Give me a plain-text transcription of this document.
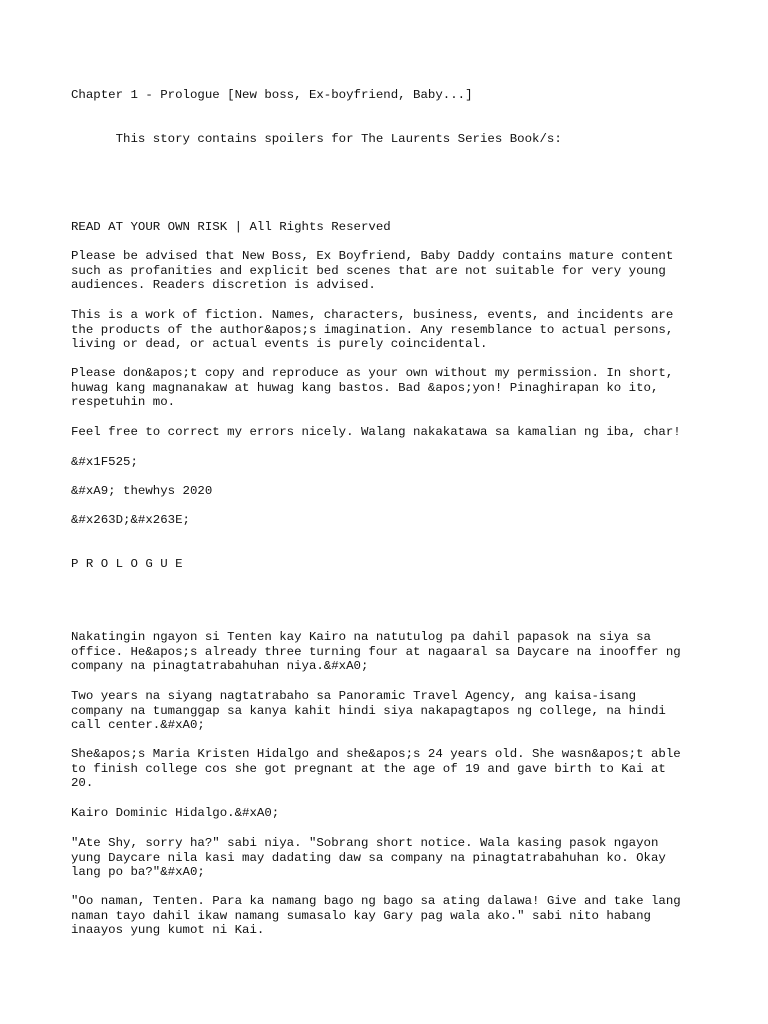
Chapter 1 - Prologue [New boss, Ex-boyfriend, Baby...]

This story contains spoilers for The Laurents Series Book/s:

READ AT YOUR OWN RISK | All Rights Reserved

Please be advised that New Boss, Ex Boyfriend, Baby Daddy contains mature content

such as profanities and explicit bed scenes that are not suitable for very young

audiences. Readers discretion is advised.

This is a work of fiction. Names, characters, business, events, and incidents are

the products of the author&apos;s imagination. Any resemblance to actual persons,

living or dead, or actual events is purely coincidental.

Please don&apos;t copy and reproduce as your own without my permission. In short,

huwag kang magnanakaw at huwag kang bastos. Bad &apos;yon! Pinaghirapan ko ito,

respetuhin mo.

Feel free to correct my errors nicely. Walang nakakatawa sa kamalian ng iba, char!

&#x1F525;

&#xA9; thewhys 2020

&#x263D;&#x263E;

P R O L O G U E

Nakatingin ngayon si Tenten kay Kairo na natutulog pa dahil papasok na siya sa

office. He&apos;s already three turning four at nagaaral sa Daycare na inooffer ng

company na pinagtatrabahuhan niya.&#xA0;

Two years na siyang nagtatrabaho sa Panoramic Travel Agency, ang kaisa-isang

company na tumanggap sa kanya kahit hindi siya nakapagtapos ng college, na hindi

call center.&#xA0;

She&apos;s Maria Kristen Hidalgo and she&apos;s 24 years old. She wasn&apos;t able

to finish college cos she got pregnant at the age of 19 and gave birth to Kai at

20.

Kairo Dominic Hidalgo.&#xA0;

"Ate Shy, sorry ha?" sabi niya. "Sobrang short notice. Wala kasing pasok ngayon

yung Daycare nila kasi may dadating daw sa company na pinagtatrabahuhan ko. Okay

lang po ba?"&#xA0;

"Oo naman, Tenten. Para ka namang bago ng bago sa ating dalawa! Give and take lang

naman tayo dahil ikaw namang sumasalo kay Gary pag wala ako." sabi nito habang

inaayos yung kumot ni Kai.
